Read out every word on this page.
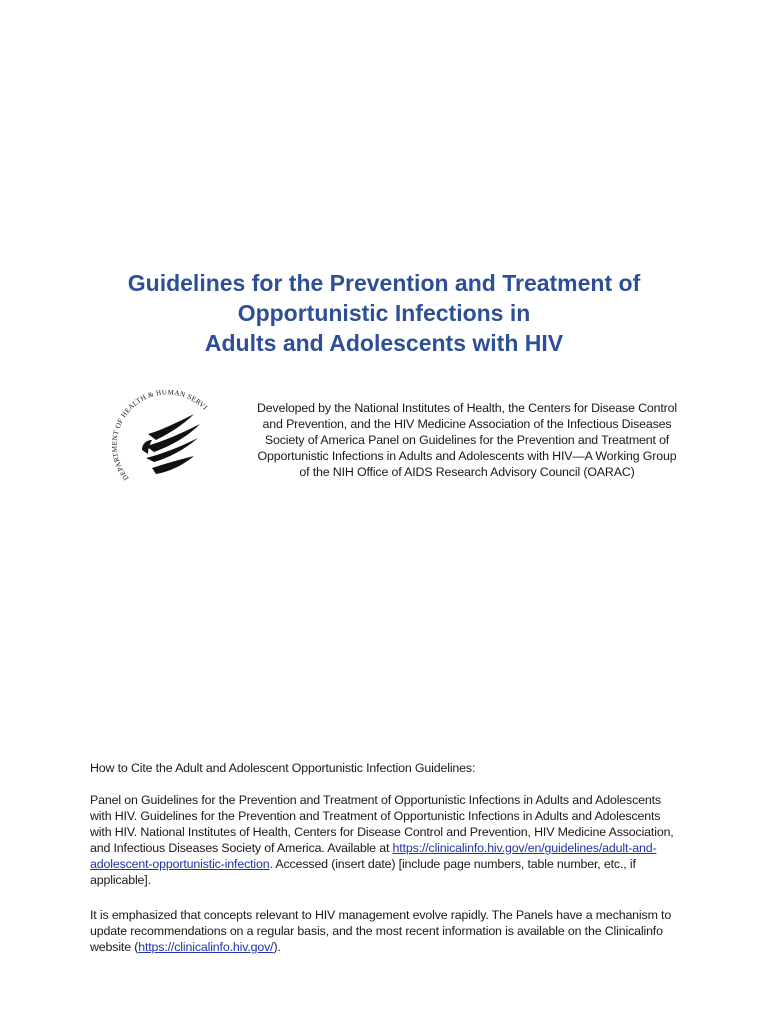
Guidelines for the Prevention and Treatment of
Opportunistic Infections in
Adults and Adolescents with HIV
DEPARTMENT OF HEALTH & HUMAN SERVI	Developed by the National Institutes of Health, the Centers for Disease Control and Prevention, and the HIV Medicine Association of the Infectious Diseases Society of America Panel on Guidelines for the Prevention and Treatment of Opportunistic Infections in Adults and Adolescents with HIV—A Working Group of the NIH Office of AIDS Research Advisory Council (OARAC)

How to Cite the Adult and Adolescent Opportunistic Infection Guidelines:

Panel on Guidelines for the Prevention and Treatment of Opportunistic Infections in Adults and Adolescents with HIV. Guidelines for the Prevention and Treatment of Opportunistic Infections in Adults and Adolescents with HIV. National Institutes of Health, Centers for Disease Control and Prevention, HIV Medicine Association, and Infectious Diseases Society of America. Available at https://clinicalinfo.hiv.gov/en/guidelines/adult-and-adolescent-opportunistic-infection. Accessed (insert date) [include page numbers, table number, etc., if applicable].

It is emphasized that concepts relevant to HIV management evolve rapidly. The Panels have a mechanism to update recommendations on a regular basis, and the most recent information is available on the Clinicalinfo website (https://clinicalinfo.hiv.gov/).
